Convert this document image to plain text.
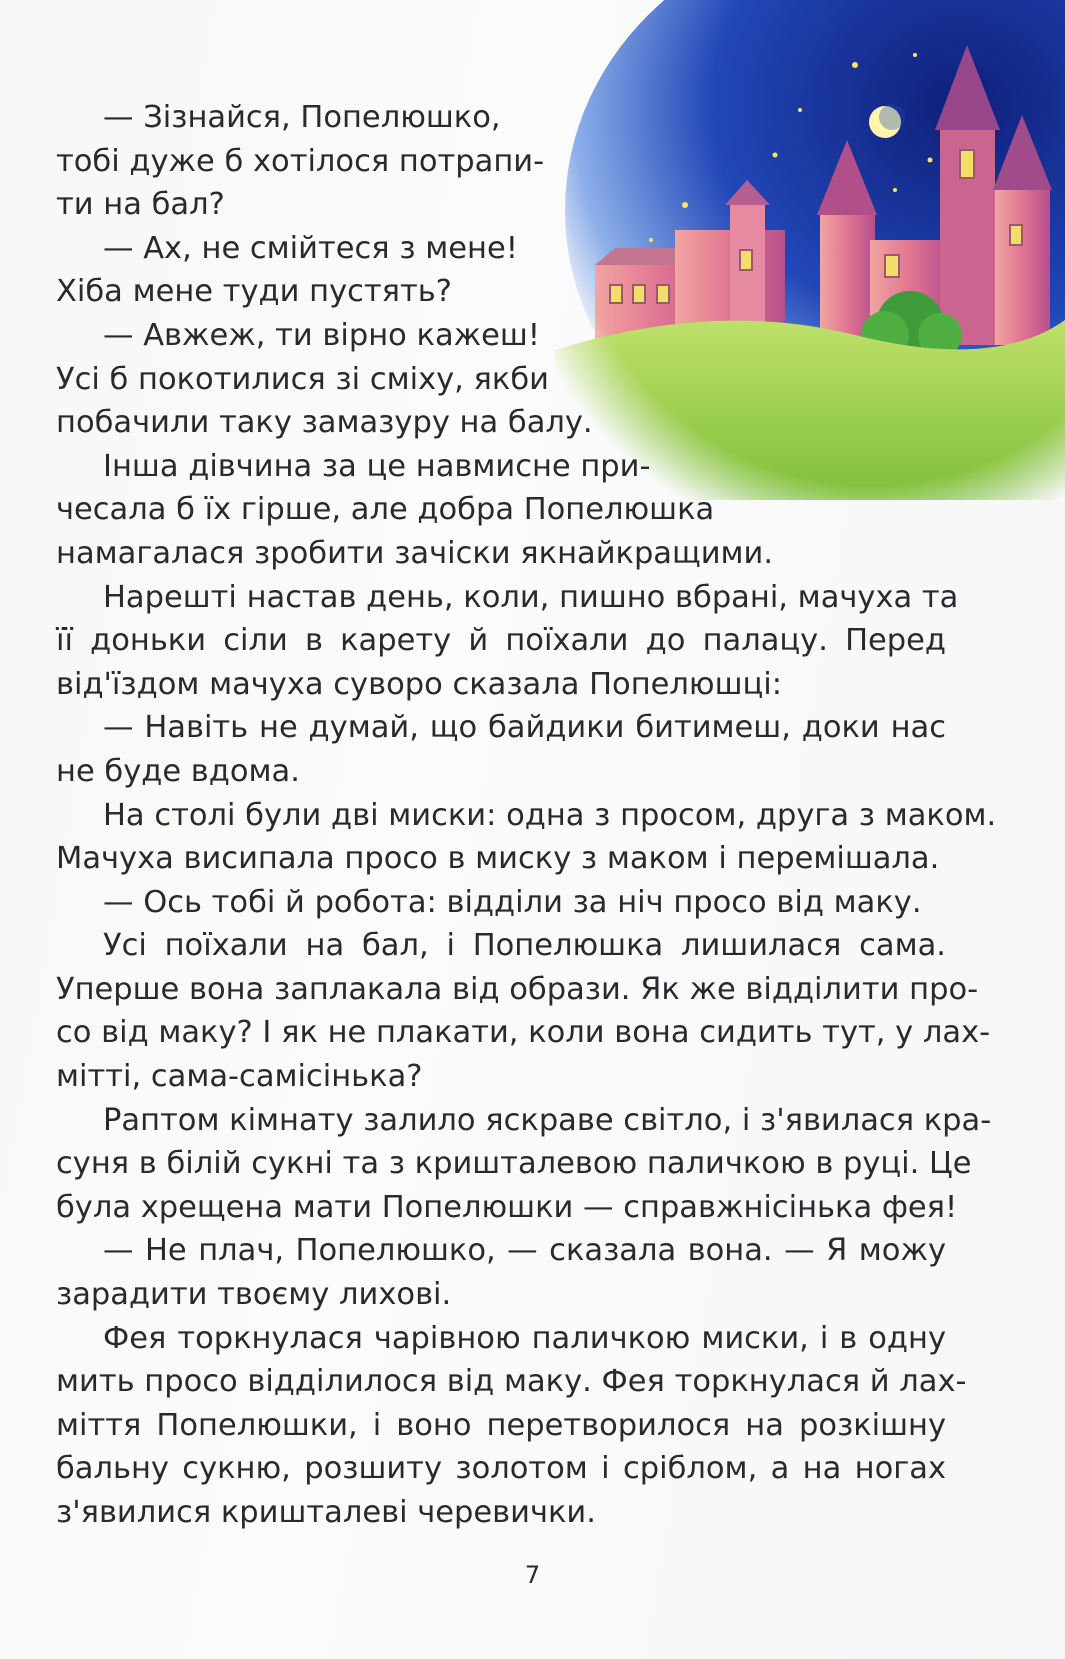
— Зізнайся, Попелюшко,
тобі дуже б хотілося потрапи-
ти на бал?
— Ах, не смійтеся з мене!
Хіба мене туди пустять?
— Авжеж, ти вірно кажеш!
Усі б покотилися зі сміху, якби
побачили таку замазуру на балу.
Інша дівчина за це навмисне при-
чесала б їх гірше, але добра Попелюшка
намагалася зробити зачіски якнайкращими.
Нарешті настав день, коли, пишно вбрані, мачуха та
її доньки сіли в карету й поїхали до палацу. Перед
від'їздом мачуха суворо сказала Попелюшці:
— Навіть не думай, що байдики битимеш, доки нас
не буде вдома.
На столі були дві миски: одна з просом, друга з маком.
Мачуха висипала просо в миску з маком і перемішала.
— Ось тобі й робота: відділи за ніч просо від маку.
Усі поїхали на бал, і Попелюшка лишилася сама.
Уперше вона заплакала від образи. Як же відділити про-
со від маку? І як не плакати, коли вона сидить тут, у лах-
мітті, сама-самісінька?
Раптом кімнату залило яскраве світло, і з'явилася кра-
суня в білій сукні та з кришталевою паличкою в руці. Це
була хрещена мати Попелюшки — справжнісінька фея!
— Не плач, Попелюшко, — сказала вона. — Я можу
зарадити твоєму лихові.
Фея торкнулася чарівною паличкою миски, і в одну
мить просо відділилося від маку. Фея торкнулася й лах-
міття Попелюшки, і воно перетворилося на розкішну
бальну сукню, розшиту золотом і сріблом, а на ногах
з'явилися кришталеві черевички.
7
